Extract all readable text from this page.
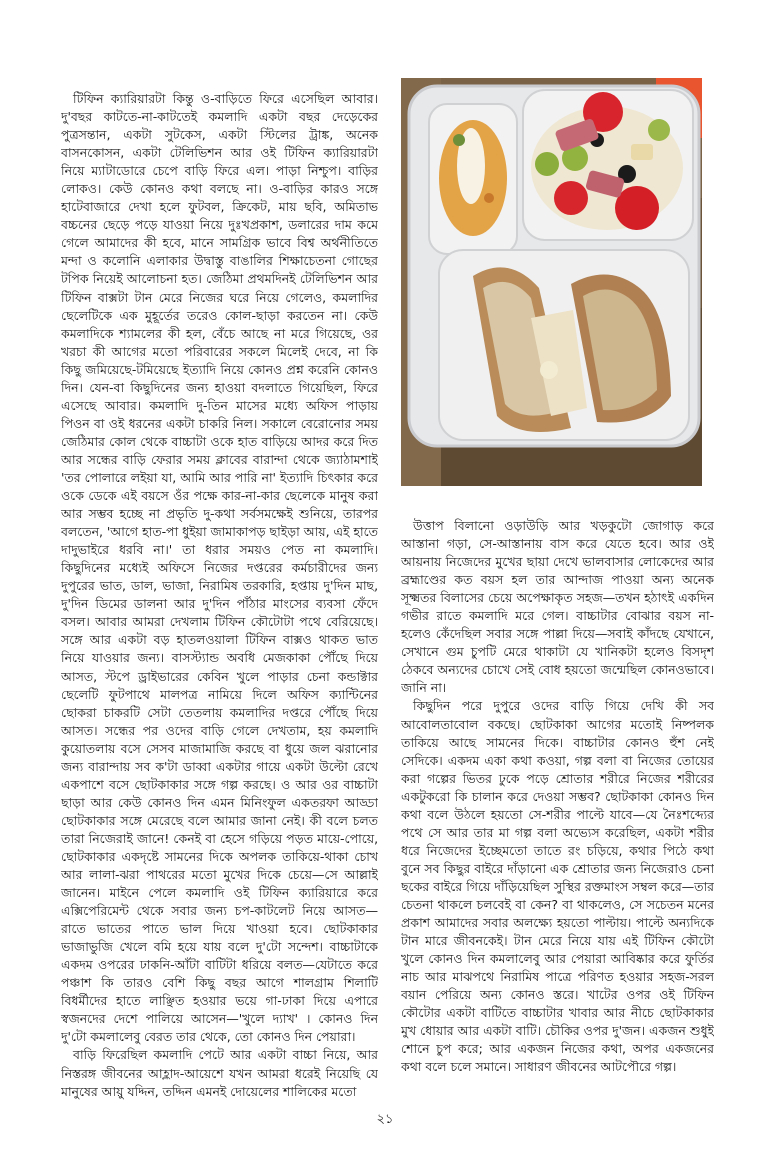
টিফিন ক্যারিয়ারটা কিন্তু ও-বাড়িতে ফিরে এসেছিল আবার। দু'বছর কাটতে-না-কাটতেই কমলাদি একটা বছর দেড়েকের পুত্রসন্তান, একটা সুটকেস, একটা স্টিলের ট্রাঙ্ক, অনেক বাসনকোসন, একটা টেলিভিশন আর ওই টিফিন ক্যারিয়ারটা নিয়ে ম্যাটাডোরে চেপে বাড়ি ফিরে এল। পাড়া নিশ্চুপ। বাড়ির লোকও। কেউ কোনও কথা বলছে না। ও-বাড়ির কারও সঙ্গে হাটেবাজারে দেখা হলে ফুটবল, ক্রিকেট, মায় ছবি, অমিতাভ বচ্চনের ছেড়ে পড়ে যাওয়া নিয়ে দুঃখপ্রকাশ, ডলারের দাম কমে গেলে আমাদের কী হবে, মানে সামগ্রিক ভাবে বিশ্ব অর্থনীতিতে মন্দা ও কলোনি এলাকার উদ্বাস্তু বাঙালির শিক্ষাচেতনা গোছের টপিক নিয়েই আলোচনা হত। জেঠিমা প্রথমদিনই টেলিভিশন আর টিফিন বাক্সটা টান মেরে নিজের ঘরে নিয়ে গেলেও, কমলাদির ছেলেটিকে এক মুহূর্তের তরেও কোল-ছাড়া করতেন না। কেউ কমলাদিকে শ্যামলের কী হল, বেঁচে আছে না মরে গিয়েছে, ওর খরচা কী আগের মতো পরিবারের সকলে মিলেই দেবে, না কি কিছু জমিয়েছে-টমিয়েছে ইত্যাদি নিয়ে কোনও প্রশ্ন করেনি কোনও দিন। যেন-বা কিছুদিনের জন্য হাওয়া বদলাতে গিয়েছিল, ফিরে এসেছে আবার। কমলাদি দু-তিন মাসের মধ্যে অফিস পাড়ায় পিওন বা ওই ধরনের একটা চাকরি নিল। সকালে বেরোনোর সময় জেঠিমার কোল থেকে বাচ্চাটা ওকে হাত বাড়িয়ে আদর করে দিত আর সন্ধের বাড়ি ফেরার সময় ক্লাবের বারান্দা থেকে জ্যাঠামশাই 'তর পোলারে লইয়া যা, আমি আর পারি না' ইত্যাদি চিৎকার করে ওকে ডেকে এই বয়সে ওঁর পক্ষে কার-না-কার ছেলেকে মানুষ করা আর সম্ভব হচ্ছে না প্রভৃতি দু-কথা সর্বসমক্ষেই শুনিয়ে, তারপর বলতেন, 'আগে হাত-পা ধুইয়া জামাকাপড় ছাইড়া আয়, এই হাতে দাদুভাইরে ধরবি না।' তা ধরার সময়ও পেত না কমলাদি। কিছুদিনের মধ্যেই অফিসে নিজের দপ্তরের কর্মচারীদের জন্য দুপুরের ভাত, ডাল, ভাজা, নিরামিষ তরকারি, হপ্তায় দু'দিন মাছ, দু'দিন ডিমের ডালনা আর দু'দিন পাঁঠার মাংসের ব্যবসা ফেঁদে বসল। আবার আমরা দেখলাম টিফিন কৌটোটা পথে বেরিয়েছে। সঙ্গে আর একটা বড় হাতলওয়ালা টিফিন বাক্সও থাকত ভাত নিয়ে যাওয়ার জন্য। বাসস্ট্যান্ড অবধি মেজকাকা পৌঁছে দিয়ে আসত, স্টপে ড্রাইভারের কেবিন খুলে পাড়ার চেনা কন্ডাক্টার ছেলেটি ফুটপাথে মালপত্র নামিয়ে দিলে অফিস ক্যান্টিনের ছোকরা চাকরটি সেটা তেতলায় কমলাদির দপ্তরে পৌঁছে দিয়ে আসত। সন্ধের পর ওদের বাড়ি গেলে দেখতাম, হয় কমলাদি কুয়োতলায় বসে সেসব মাজামাজি করছে বা ধুয়ে জল ঝরানোর জন্য বারান্দায় সব ক'টা ডাব্বা একটার গায়ে একটা উল্টো রেখে একপাশে বসে ছোটকাকার সঙ্গে গল্প করছে। ও আর ওর বাচ্চাটা ছাড়া আর কেউ কোনও দিন এমন মিনিংফুল একতরফা আড্ডা ছোটকাকার সঙ্গে মেরেছে বলে আমার জানা নেই। কী বলে চলত তারা নিজেরাই জানে! কেনই বা হেসে গড়িয়ে পড়ত মায়ে-পোয়ে, ছোটকাকার একদৃষ্টে সামনের দিকে অপলক তাকিয়ে-থাকা চোখ আর লালা-ঝরা পাথরের মতো মুখের দিকে চেয়ে—সে আল্লাই জানেন। মাইনে পেলে কমলাদি ওই টিফিন ক্যারিয়ারে করে এক্সিপেরিমেন্ট থেকে সবার জন্য চপ-কাটলেট নিয়ে আসত—রাতে ভাতের পাতে ভাল দিয়ে খাওয়া হবে। ছোটকাকার ভাজাভুজি খেলে বমি হয়ে যায় বলে দু'টো সন্দেশ। বাচ্চাটাকে একদম ওপরের ঢাকনি-আঁটা বাটিটা ধরিয়ে বলত—যেটাতে করে পঞ্চাশ কি তারও বেশি কিছু বছর আগে শালগ্রাম শিলাটি বিধর্মীদের হাতে লাঞ্ছিত হওয়ার ভয়ে গা-ঢাকা দিয়ে এপারে স্বজনদের দেশে পালিয়ে আসেন—'খুলে দ্যাখ' । কোনও দিন দু'টো কমলালেবু বেরত তার থেকে, তো কোনও দিন পেয়ারা।

বাড়ি ফিরেছিল কমলাদি পেটে আর একটা বাচ্চা নিয়ে, আর নিস্তরঙ্গ জীবনের আহ্লাদ-আয়েশে যখন আমরা ধরেই নিয়েছি যে মানুষের আয়ু যদ্দিন, তদ্দিন এমনই দোয়েলের শালিকের মতো

উত্তাপ বিলানো ওড়াউড়ি আর খড়কুটো জোগাড় করে আস্তানা গড়া, সে-আস্তানায় বাস করে যেতে হবে। আর ওই আয়নায় নিজেদের মুখের ছায়া দেখে ভালবাসার লোকেদের আর ব্রহ্মাণ্ডের কত বয়স হল তার আন্দাজ পাওয়া অন্য অনেক সূক্ষ্মতর বিলাসের চেয়ে অপেক্ষাকৃত সহজ—তখন হঠাৎই একদিন গভীর রাতে কমলাদি মরে গেল। বাচ্চাটার বোঝার বয়স না-হলেও কেঁদেছিল সবার সঙ্গে পাল্লা দিয়ে—সবাই কাঁদছে যেখানে, সেখানে গুম চুপটি মেরে থাকাটা যে খানিকটা হলেও বিসদৃশ ঠেকবে অন্যদের চোখে সেই বোধ হয়তো জন্মেছিল কোনওভাবে। জানি না।

কিছুদিন পরে দুপুরে ওদের বাড়ি গিয়ে দেখি কী সব আবোলতাবোল বকছে। ছোটকাকা আগের মতোই নিষ্পলক তাকিয়ে আছে সামনের দিকে। বাচ্চাটার কোনও হুঁশ নেই সেদিকে। একদম একা কথা কওয়া, গল্প বলা বা নিজের তোয়ের করা গল্পের ভিতর ঢুকে পড়ে শ্রোতার শরীরে নিজের শরীরের একটুকরো কি চালান করে দেওয়া সম্ভব? ছোটকাকা কোনও দিন কথা বলে উঠলে হয়তো সে-শরীর পাল্টে যাবে—যে নৈঃশব্দ্যের পথে সে আর তার মা গল্প বলা অভ্যেস করেছিল, একটা শরীর ধরে নিজেদের ইচ্ছেমতো তাতে রং চড়িয়ে, কথার পিঠে কথা বুনে সব কিছুর বাইরে দাঁড়ানো এক শ্রোতার জন্য নিজেরাও চেনা ছকের বাইরে গিয়ে দাঁড়িয়েছিল সুস্থির রক্তমাংস সম্বল করে—তার চেতনা থাকলে চলবেই বা কেন? বা থাকলেও, সে সচেতন মনের প্রকাশ আমাদের সবার অলক্ষ্যে হয়তো পাল্টায়। পাল্টে অন্যদিকে টান মারে জীবনকেই। টান মেরে নিয়ে যায় এই টিফিন কৌটো খুলে কোনও দিন কমলালেবু আর পেয়ারা আবিষ্কার করে ফুর্তির নাচ আর মাঝপথে নিরামিষ পাত্রে পরিণত হওয়ার সহজ-সরল বয়ান পেরিয়ে অন্য কোনও স্তরে। খাটের ওপর ওই টিফিন কৌটোর একটা বাটিতে বাচ্চাটার খাবার আর নীচে ছোটকাকার মুখ ধোয়ার আর একটা বাটি। চৌকির ওপর দু'জন। একজন শুধুই শোনে চুপ করে; আর একজন নিজের কথা, অপর একজনের কথা বলে চলে সমানে। সাধারণ জীবনের আটপৌরে গল্প।

২১
